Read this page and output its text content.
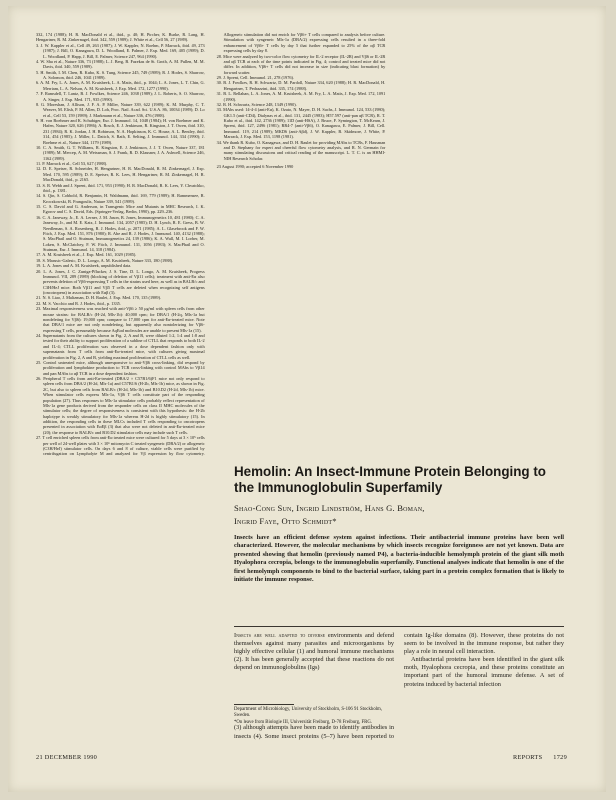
332, 174 (1988); H. R. MacDonald et al., ibid., p. 40; H. Pircher, K. Burke, R. Lang, H. Hengartner, R. M. Zinkernagel, ibid. 342, 559 (1989); J. White et al., Cell 56, 27 (1989).

3. J. W. Kappler et al., Cell 49, 263 (1987); J. W. Kappler, N. Roehm, P. Marrack, ibid. 49, 273 (1987); J. Bill, O. Kanagawa, D. L. Woodland, E. Palmer, J. Exp. Med. 169, 405 (1989); D. L. Woodland, P. Happ, J. Bill, E. Palmer, Science 247, 964 (1990).

4. W. Sha et al., Nature 336, 73 (1988); L. J. Berg, B. Fazekas de St. Groth, A. M. Pullen, M. M. Davis, ibid. 340, 559 (1989).

5. H. Smith, I. M. Chen, R. Kubo, K. S. Tung, Science 245, 749 (1989); R. J. Hodes, S. Sharrow, A. Solomon, ibid. 246, 1041 (1989).

6. A. M. Fry, L. A. Jones, A. M. Kruisbeek, L. A. Matis, ibid., p. 1044; L. A. Jones, L. T. Chin, G. Merriam, L. A. Nelson, A. M. Kruisbeek, J. Exp. Med. 172, 1277 (1990).

7. F. Ramsdell, T. Lantz, B. J. Fowlkes, Science 246, 1038 (1989); J. L. Roberts, S. O. Sharrow, A. Singer, J. Exp. Med. 171, 935 (1990).

8. G. Moreshan, J. Allison, J. F. A. P. Miller, Nature 339, 622 (1989); K. M. Murphy, C. T. Weaver, M. Elish, P. M. Allen, D. Loh, Proc. Natl. Acad. Sci. U.S.A. 86, 10034 (1989); D. Lo et al., Cell 53, 159 (1989); J. Markmann et al., Nature 336, 476 (1988).

9. H. von Boehmer and K. Schubiger, Eur. J. Immunol. 14, 1048 (1984); H. von Boehmer and K. Hafen, Nature 320, 626 (1986); A. Rosch, E. J. Jenkinson, R. Kingston, J. T. Owen, ibid. 310, 231 (1984); R. K. Jordan, J. H. Robinson, N. A. Hopkinson, K. C. House, A. L. Bentley, ibid. 314, 454 (1985); J. Miller, L. Daitch, S. Rath, E. Selting, J. Immunol. 144, 334 (1990); J. Boehme et al., Nature 344, 1179 (1989).

10. C. A. Smith, G. T. Williams, R. Kingston, E. J. Jenkinson, J. J. T. Owen, Nature 337, 181 (1989); M. Mercep, A. M. Weissman, S. J. Frank, R. D. Klausner, J. A. Ashwell, Science 246, 1162 (1989).

11. P. Marrack et al., Cell 53, 627 (1988).

12. D. E. Speiser, R. Schneider, H. Hengartner, H. R. MacDonald, R. M. Zinkernagel, J. Exp. Med. 170, 595 (1989); D. E. Speiser, R. K. Lees, H. Hengartner, R. M. Zinkernagel, H. R. MacDonald, ibid., p. 2165.

13. S. R. Webb and J. Sprent, ibid. 171, 953 (1990); H. R. MacDonald, R. K. Lees, Y. Chvatchko, ibid., p. 1381.

14. S. Qin, S. Cobbold, R. Benjamin, H. Waldmann, ibid. 169, 779 (1989); H. Rammensee, R. Kroczkowski, B. Frangoulis, Nature 339, 541 (1989).

15. C. S. David and G. Anderson, in Transgenic Mice and Mutants in MHC Research, I. K. Egorov and C. S. David, Eds. (Springer-Verlag, Berlin, 1990), pp. 229–236.

16. C. A. Janeway, Jr., E. A. Lerner, J. M. Jason, B. Jones, Immunogenetics 10, 481 (1980); C. A. Janeway, Jr., and M. E. Katz, J. Immunol. 134, 2057 (1985); D. H. Lynch, R. E. Gress, B. W. Needleman, S. A. Rosenberg, R. J. Hodes, ibid., p. 2071 (1985); A. L. Glasebrook and F. W. Fitch, J. Exp. Med. 151, 876 (1980); R. Abe and R. J. Hodes, J. Immunol. 140, 4132 (1988); S. MacPhail and O. Stutman, Immunogenetics 24, 139 (1986); K. A. Wall, M. I. Lorber, M. Loken, S. McClatchey, F. W. Fitch, J. Immunol. 131, 1056 (1983); S. MacPhail and O. Stutman, Eur. J. Immunol. 14, 318 (1984).

17. A. M. Kruisbeek et al., J. Exp. Med. 161, 1029 (1985).

18. S. Marusic-Galesic, D. L. Longo, A. M. Kruisbeek, Nature 333, 180 (1988).

19. L. A. Jones and A. M. Kruisbeek, unpublished data.

20. L. A. Jones, J. C. Zuniga-Pflucker, J. S. Tine, D. L. Longo, A. M. Kruisbeek, Progress Immunol. VII, 289 (1989) (blocking of deletion of Vβ11 cells); treatment with anti-Eα also prevents deletion of Vβ6-expressing T cells in the strains used here, as well as in BALB/c and C3H/HeJ mice. Both Vβ11 and Vβ5 T cells are deleted when recognizing self antigens (oncotropens) in association with Eαβ (3).

21. N. S. Liao, J. Maltzman, D. H. Raulet, J. Exp. Med. 170, 135 (1989).

22. M. S. Vacchio and R. J. Hodes, ibid., p. 1335.

23. Maximal responsiveness was reached with anti-Vβ6 ≥ 50 μg/ml with spleen cells from other mouse strains: for BALB/c (H-2d, Mls-1b): 40,000 cpm; for DBA/1 (H-2q, Mls-1a but nondeleting for Vβ6): 19,000 cpm; compare to 17,000 cpm for anti-Eα-treated mice. Note that DBA/1 mice are not only nondeleting, but apparently also nontolerizing for Vβ6-expressing T cells, presumably because AqEαd molecules are unable to present Mls-1a (15).

24. Supernatants from the cultures shown in Fig. 2, A and B, were diluted 1:2, 1:4 and 1:8 and tested for their ability to support proliferation of a subline of CTLL that responds to both IL-2 and IL-4; CTLL proliferation was observed in a dose dependent fashion only with supernatants from T cells from anti-Eα-treated mice, with cultures giving maximal proliferation in Fig. 2, A and B, yielding maximal proliferation of CTLL cells as well.

25. Control untreated mice, although unresponsive to anti-Vβ6 cross-linking, did respond by proliferation and lymphokine production to TCR cross-linking with control MAbs to Vβ14 and pan MAbs to αβ TCR in a dose dependent fashion.

26. Peripheral T cells from anti-Eα-treated (DBA/2 × C57B1/6)F1 mice not only respond to spleen cells from DBA/2 (H-2d, Mls-1a) and C57B1/6 (H-2b, Mls-1b) mice, as shown in Fig. 2C, but also to spleen cells from BALB/c (H-2d, Mls-1b) and B10.D2 (H-2d, Mls-1b) mice. When stimulator cells express Mls-1a, Vβ6 T cells constitute part of the responding population (27). Thus responses to Mls-1a stimulator cells probably reflect representation of Mls-1a gene products derived from the responder cells on class II MHC molecules of the stimulator cells; the degree of responsiveness is consistent with this hypothesis: the H-2b haplotype is weakly stimulatory for Mls-1a whereas H-2d is highly stimulatory (15). In addition, the responding cells in these MLCs included T cells responding to oncotropens presented in association with EαEβ (3) that also were not deleted in anti-Eα-treated mice (20); the response to BALB/c and B10.D2 stimulator cells may include such T cells.

27. T cell enriched spleen cells from anti-Eα treated mice were cultured for 5 days at 3 × 10⁵ cells per well of 24-well plates with 3 × 10⁶ mitomycin C treated syngeneic (DBA/2) or allogeneic (C3H/HeJ) stimulator cells. On days 6 and 8 of culture, viable cells were purified by centrifugation on Lympholyte M and analyzed for Vβ expression by flow cytometry. Allogeneic stimulation did not enrich for Vβ6+ T cells compared to analysis before culture. Stimulation with syngeneic Mls-1a (DBA/2) expressing cells resulted in a three-fold enhancement of Vβ6+ T cells by day 5 that further expanded to 25% of the αβ TCR expressing cells by day 8.

28. Mice were analyzed by two-color flow cytometry for IL-2 receptor (IL-2R) and Vβ6 or IL-2R and αβ TCR at each of the time points indicated in Fig. 4; control and treated mice did not differ. In addition, Vβ6+ T cells did not increase in size (indicating blast formation) by forward scatter.

29. J. Sprent, Cell. Immunol. 21, 278 (1976).

30. B. J. Fowlkes, R. H. Schwartz, D. M. Pardoll, Nature 334, 620 (1988); H. R. MacDonald, H. Hengartner, T. Pedrazzini, ibid. 335, 174 (1988).

31. B. L. Rellahan, L. A. Jones, A. M. Kruisbeek, A. M. Fry, L. A. Matis, J. Exp. Med. 172, 1091 (1990).

32. R. H. Schwartz, Science 248, 1349 (1990).

33. MAbs used: 14-4-4 (anti-Eα), K. Ozato, N. Mayer, D. H. Sachs, J. Immunol. 124, 533 (1980); GK1.5 (anti-CD4), Dialynas et al., ibid. 131, 2445 (1983); H57.597 (anti-pan αβ TCR), R. T. Kubo et al., ibid. 142, 2736 (1989); 11D (anti-HSA), J. Bruce, F. Symington, T. McKearn, J. Sprent, ibid. 127, 2496 (1981); RR4-7 (anti-Vβ6), O. Kanagawa, E. Palmer, J. Bill, Cell. Immunol. 119, 214 (1989); MKD6 (anti-Aβd), J. W. Kappler, B. Skidmore, J. White, P. Marrack, J. Exp. Med. 153, 1198 (1981).

34. We thank R. Kubo, O. Kanagawa, and D. H. Raulet for providing MAbs to TCRs, F. Hausman and D. Stephany for expert and cheerful flow cytometry analysis, and R. N. Germain for many stimulating discussions and critical reading of the manuscript. L. T. C. is an HHMI-NIH Research Scholar.

23 August 1990; accepted 6 November 1990

Hemolin: An Insect-Immune Protein Belonging to the Immunoglobulin Superfamily
Shao-Cong Sun, Ingrid Lindström, Hans G. Boman,
Ingrid Faye, Otto Schmidt*

Insects have an efficient defense system against infections. Their antibacterial immune proteins have been well characterized. However, the molecular mechanisms by which insects recognize foreignness are not yet known. Data are presented showing that hemolin (previously named P4), a bacteria-inducible hemolymph protein of the giant silk moth Hyalophora cecropia, belongs to the immunoglobulin superfamily. Functional analyses indicate that hemolin is one of the first hemolymph components to bind to the bacterial surface, taking part in a protein complex formation that is likely to initiate the immune response.

Insects are well adapted to diverse environments and defend themselves against many parasites and microorganisms by highly effective cellular (1) and humoral immune mechanisms (2). It has been generally accepted that these reactions do not depend on immunoglobulins (Igs)

(3) although attempts have been made to identify antibodies in insects (4). Some insect proteins (5–7) have been reported to contain Ig-like domains (8). However, these proteins do not seem to be involved in the immune response, but rather they play a role in neural cell interaction.

Antibacterial proteins have been identified in the giant silk moth, Hyalophora cecropia, and these proteins constitute an important part of the humoral immune defense. A set of proteins induced by bacterial infection

Department of Microbiology, University of Stockholm, S-106 91 Stockholm, Sweden.

*On leave from Biologie III, Universität Freiburg, D-78 Freiburg, FRG.

21 DECEMBER 1990	REPORTS 1729
